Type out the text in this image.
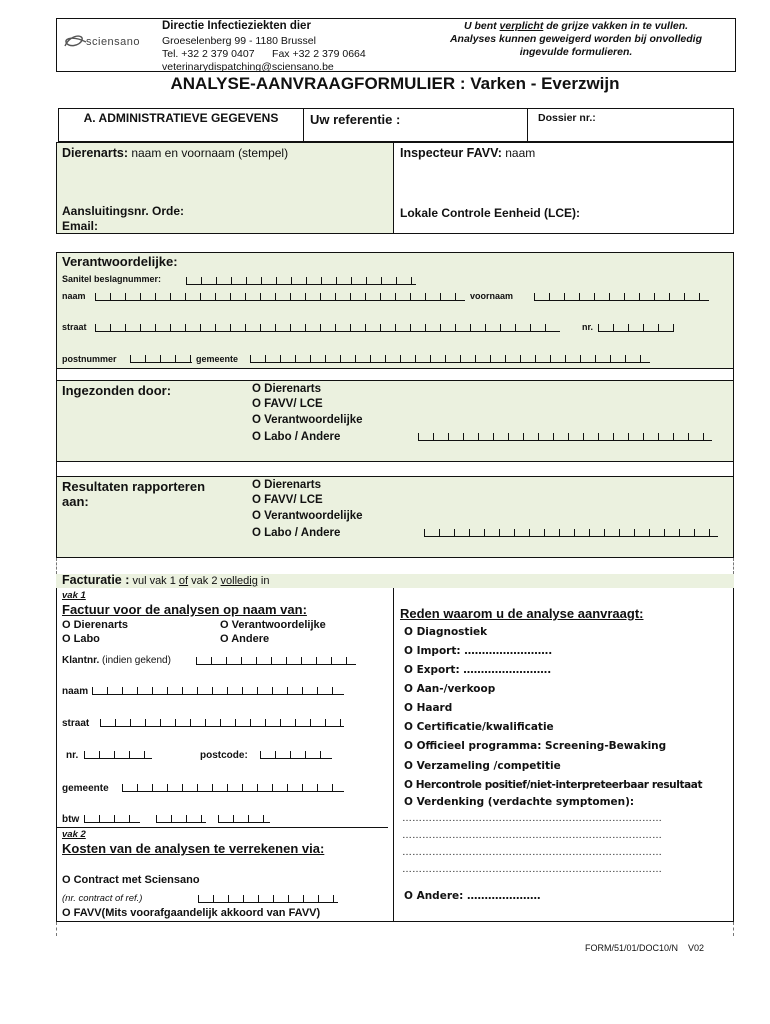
sciensano
Directie Infectieziekten dier
Groeselenberg 99 - 1180 Brussel
Tel. +32 2 379 0407      Fax +32 2 379 0664
veterinarydispatching@sciensano.be
U bent verplicht de grijze vakken in te vullen.
Analyses kunnen geweigerd worden bij onvolledig
ingevulde formulieren.
ANALYSE-AANVRAAGFORMULIER : Varken - Everzwijn
A. ADMINISTRATIEVE GEGEVENS	Uw referentie :	Dossier nr.:
Dierenarts: naam en voornaam (stempel)	Inspecteur FAVV: naam
Aansluitingsnr. Orde:
Email:
Lokale Controle Eenheid (LCE):
Verantwoordelijke:
Sanitel beslagnummer:
naam	voornaam
straat	nr.
postnummer	gemeente
Ingezonden door:	O Dierenarts
O FAVV/ LCE
O Verantwoordelijke
O Labo / Andere
Resultaten rapporteren
aan:
O Dierenarts
O FAVV/ LCE
O Verantwoordelijke
O Labo / Andere
Facturatie : vul vak 1 of vak 2 volledig in
vak 1
Factuur voor de analysen op naam van:
O Dierenarts	O Verantwoordelijke
O Labo	O Andere
Klantnr. (indien gekend)
naam
straat
nr.	postcode:
gemeente
btw
vak 2
Kosten van de analysen te verrekenen via:
O Contract met Sciensano
(nr. contract of ref.)
O FAVV(Mits voorafgaandelijk akkoord van FAVV)
Reden waarom u de analyse aanvraagt:
O Diagnostiek
O Import: …………………….
O Export: …………………….
O Aan-/verkoop
O Haard
O Certificatie/kwalificatie
O Officieel programma: Screening-Bewaking
O Verzameling /competitie
O Hercontrole positief/niet-interpreteerbaar resultaat
O Verdenking (verdachte symptomen):
……………………………………………………………………
……………………………………………………………………
……………………………………………………………………
……………………………………………………………………
O Andere: …………………
FORM/51/01/DOC10/N    V02
